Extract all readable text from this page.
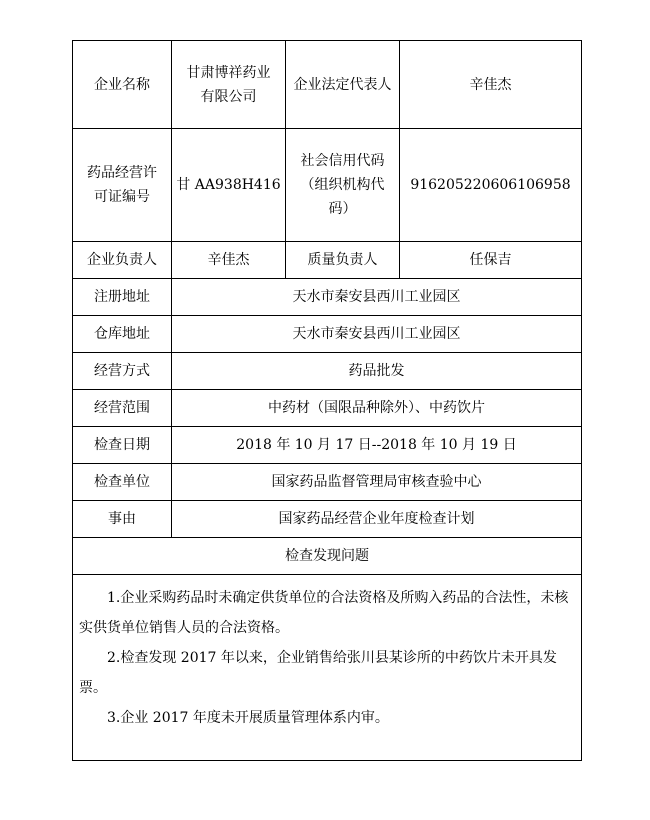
企业名称	甘肃博祥药业有限公司	企业法定代表人	辛佳杰
药品经营许可证编号	甘 AA938H416	社会信用代码（组织机构代码）	916205220606106958
企业负责人	辛佳杰	质量负责人	任保吉
注册地址	天水市秦安县西川工业园区		
仓库地址	天水市秦安县西川工业园区		
经营方式	药品批发		
经营范围	中药材（国限品种除外）、中药饮片		
检查日期	2018 年 10 月 17 日--2018 年 10 月 19 日		
检查单位	国家药品监督管理局审核查验中心		
事由	国家药品经营企业年度检查计划		
检查发现问题			

1.企业采购药品时未确定供货单位的合法资格及所购入药品的合法性，未核实供货单位销售人员的合法资格。

2.检查发现 2017 年以来，企业销售给张川县某诊所的中药饮片未开具发票。

3.企业 2017 年度未开展质量管理体系内审。			
